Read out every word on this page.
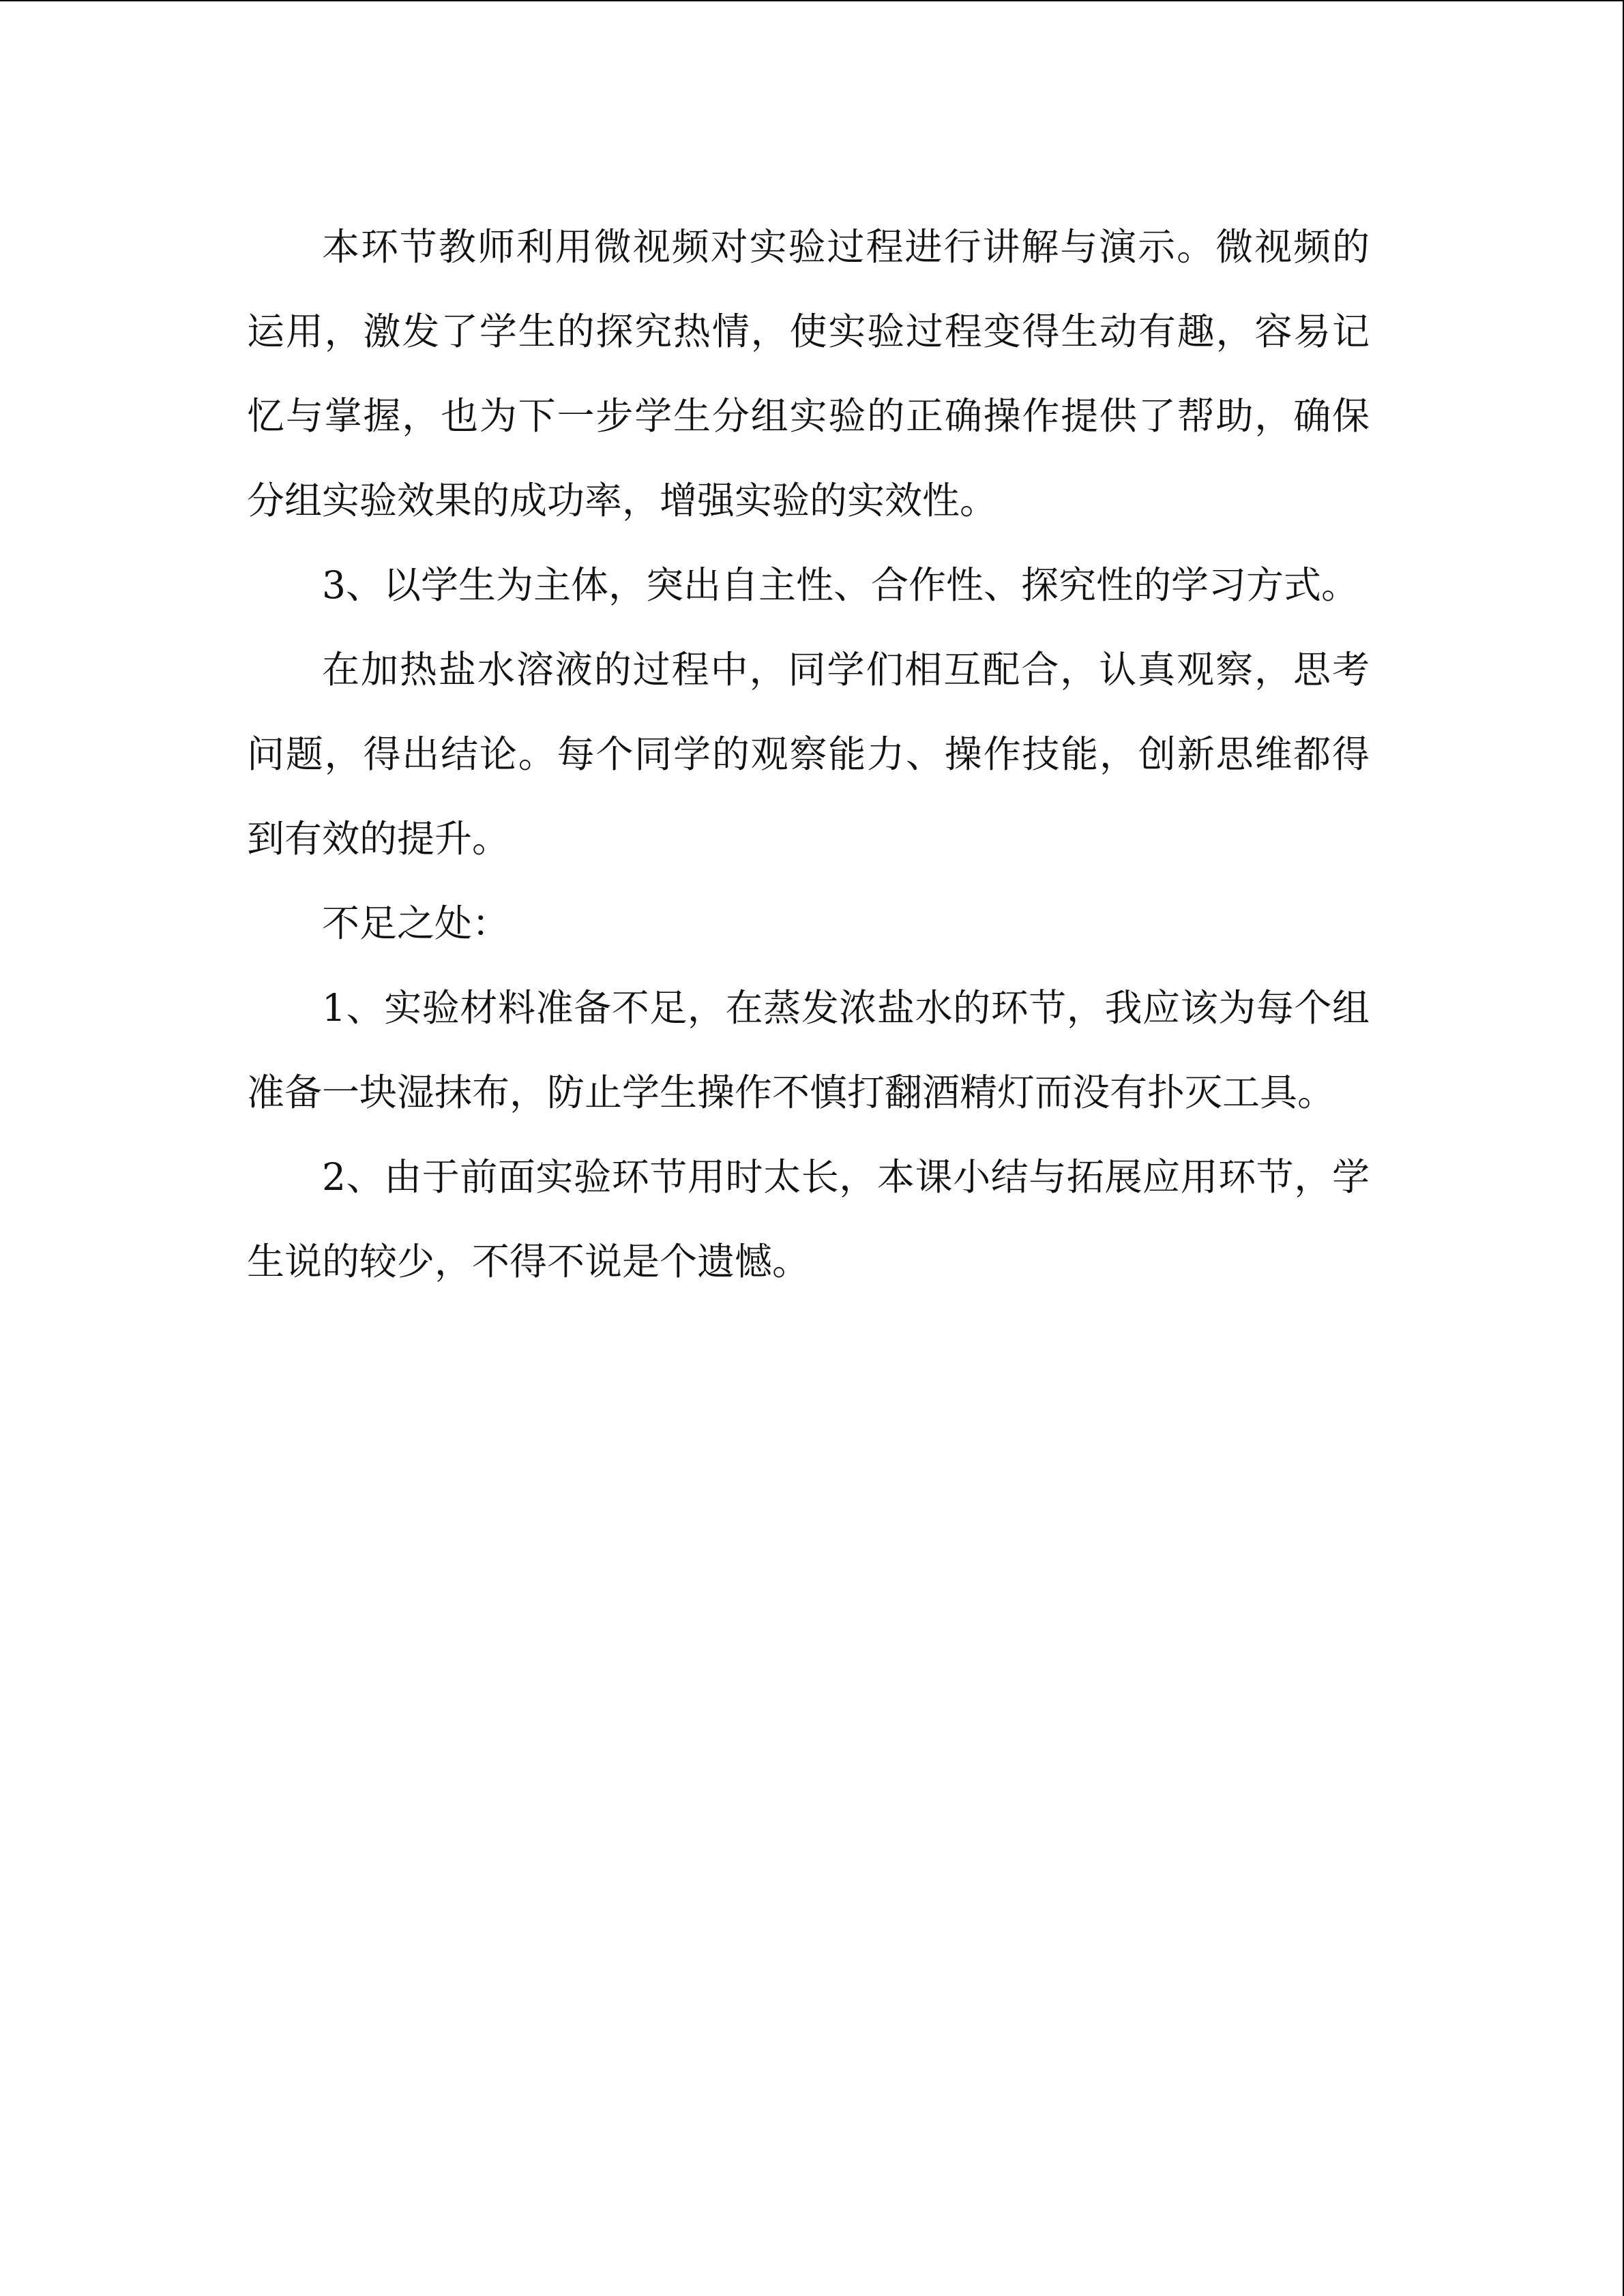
本环节教师利用微视频对实验过程进行讲解与演示。微视频的运用，激发了学生的探究热情，使实验过程变得生动有趣，容易记忆与掌握，也为下一步学生分组实验的正确操作提供了帮助，确保分组实验效果的成功率，增强实验的实效性。

3、以学生为主体，突出自主性、合作性、探究性的学习方式。

在加热盐水溶液的过程中，同学们相互配合，认真观察，思考问题，得出结论。每个同学的观察能力、操作技能，创新思维都得到有效的提升。

不足之处：

1、实验材料准备不足，在蒸发浓盐水的环节，我应该为每个组准备一块湿抹布，防止学生操作不慎打翻酒精灯而没有扑灭工具。

2、由于前面实验环节用时太长，本课小结与拓展应用环节，学生说的较少，不得不说是个遗憾。
